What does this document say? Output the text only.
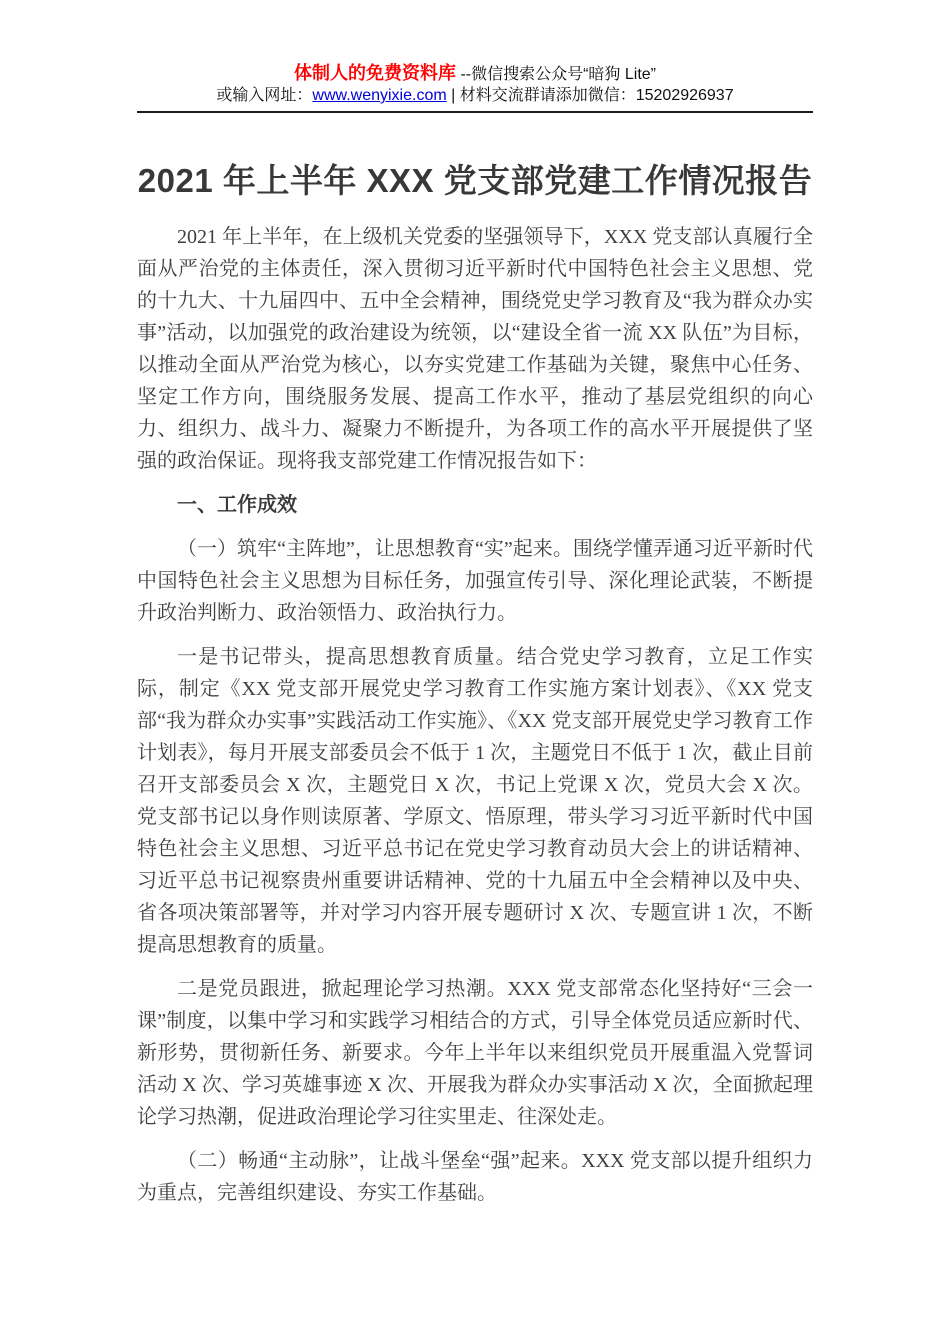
体制人的免费资料库 --微信搜索公众号“暗狗 Lite”
或输入网址：www.wenyixie.com | 材料交流群请添加微信：15202926937
2021 年上半年 XXX 党支部党建工作情况报告

2021 年上半年，在上级机关党委的坚强领导下，XXX 党支部认真履行全面从严治党的主体责任，深入贯彻习近平新时代中国特色社会主义思想、党的十九大、十九届四中、五中全会精神，围绕党史学习教育及“我为群众办实事”活动，以加强党的政治建设为统领，以“建设全省一流 XX 队伍”为目标，以推动全面从严治党为核心，以夯实党建工作基础为关键，聚焦中心任务、坚定工作方向，围绕服务发展、提高工作水平，推动了基层党组织的向心力、组织力、战斗力、凝聚力不断提升，为各项工作的高水平开展提供了坚强的政治保证。现将我支部党建工作情况报告如下：

一、工作成效

（一）筑牢“主阵地”，让思想教育“实”起来。围绕学懂弄通习近平新时代中国特色社会主义思想为目标任务，加强宣传引导、深化理论武装，不断提升政治判断力、政治领悟力、政治执行力。

一是书记带头，提高思想教育质量。结合党史学习教育，立足工作实际，制定《XX 党支部开展党史学习教育工作实施方案计划表》、《XX 党支部“我为群众办实事”实践活动工作实施》、《XX 党支部开展党史学习教育工作计划表》，每月开展支部委员会不低于 1 次，主题党日不低于 1 次，截止目前召开支部委员会 X 次，主题党日 X 次，书记上党课 X 次，党员大会 X 次。党支部书记以身作则读原著、学原文、悟原理，带头学习习近平新时代中国特色社会主义思想、习近平总书记在党史学习教育动员大会上的讲话精神、习近平总书记视察贵州重要讲话精神、党的十九届五中全会精神以及中央、省各项决策部署等，并对学习内容开展专题研讨 X 次、专题宣讲 1 次，不断提高思想教育的质量。

二是党员跟进，掀起理论学习热潮。XXX 党支部常态化坚持好“三会一课”制度，以集中学习和实践学习相结合的方式，引导全体党员适应新时代、新形势，贯彻新任务、新要求。今年上半年以来组织党员开展重温入党誓词活动 X 次、学习英雄事迹 X 次、开展我为群众办实事活动 X 次，全面掀起理论学习热潮，促进政治理论学习往实里走、往深处走。

（二）畅通“主动脉”，让战斗堡垒“强”起来。XXX 党支部以提升组织力为重点，完善组织建设、夯实工作基础。
